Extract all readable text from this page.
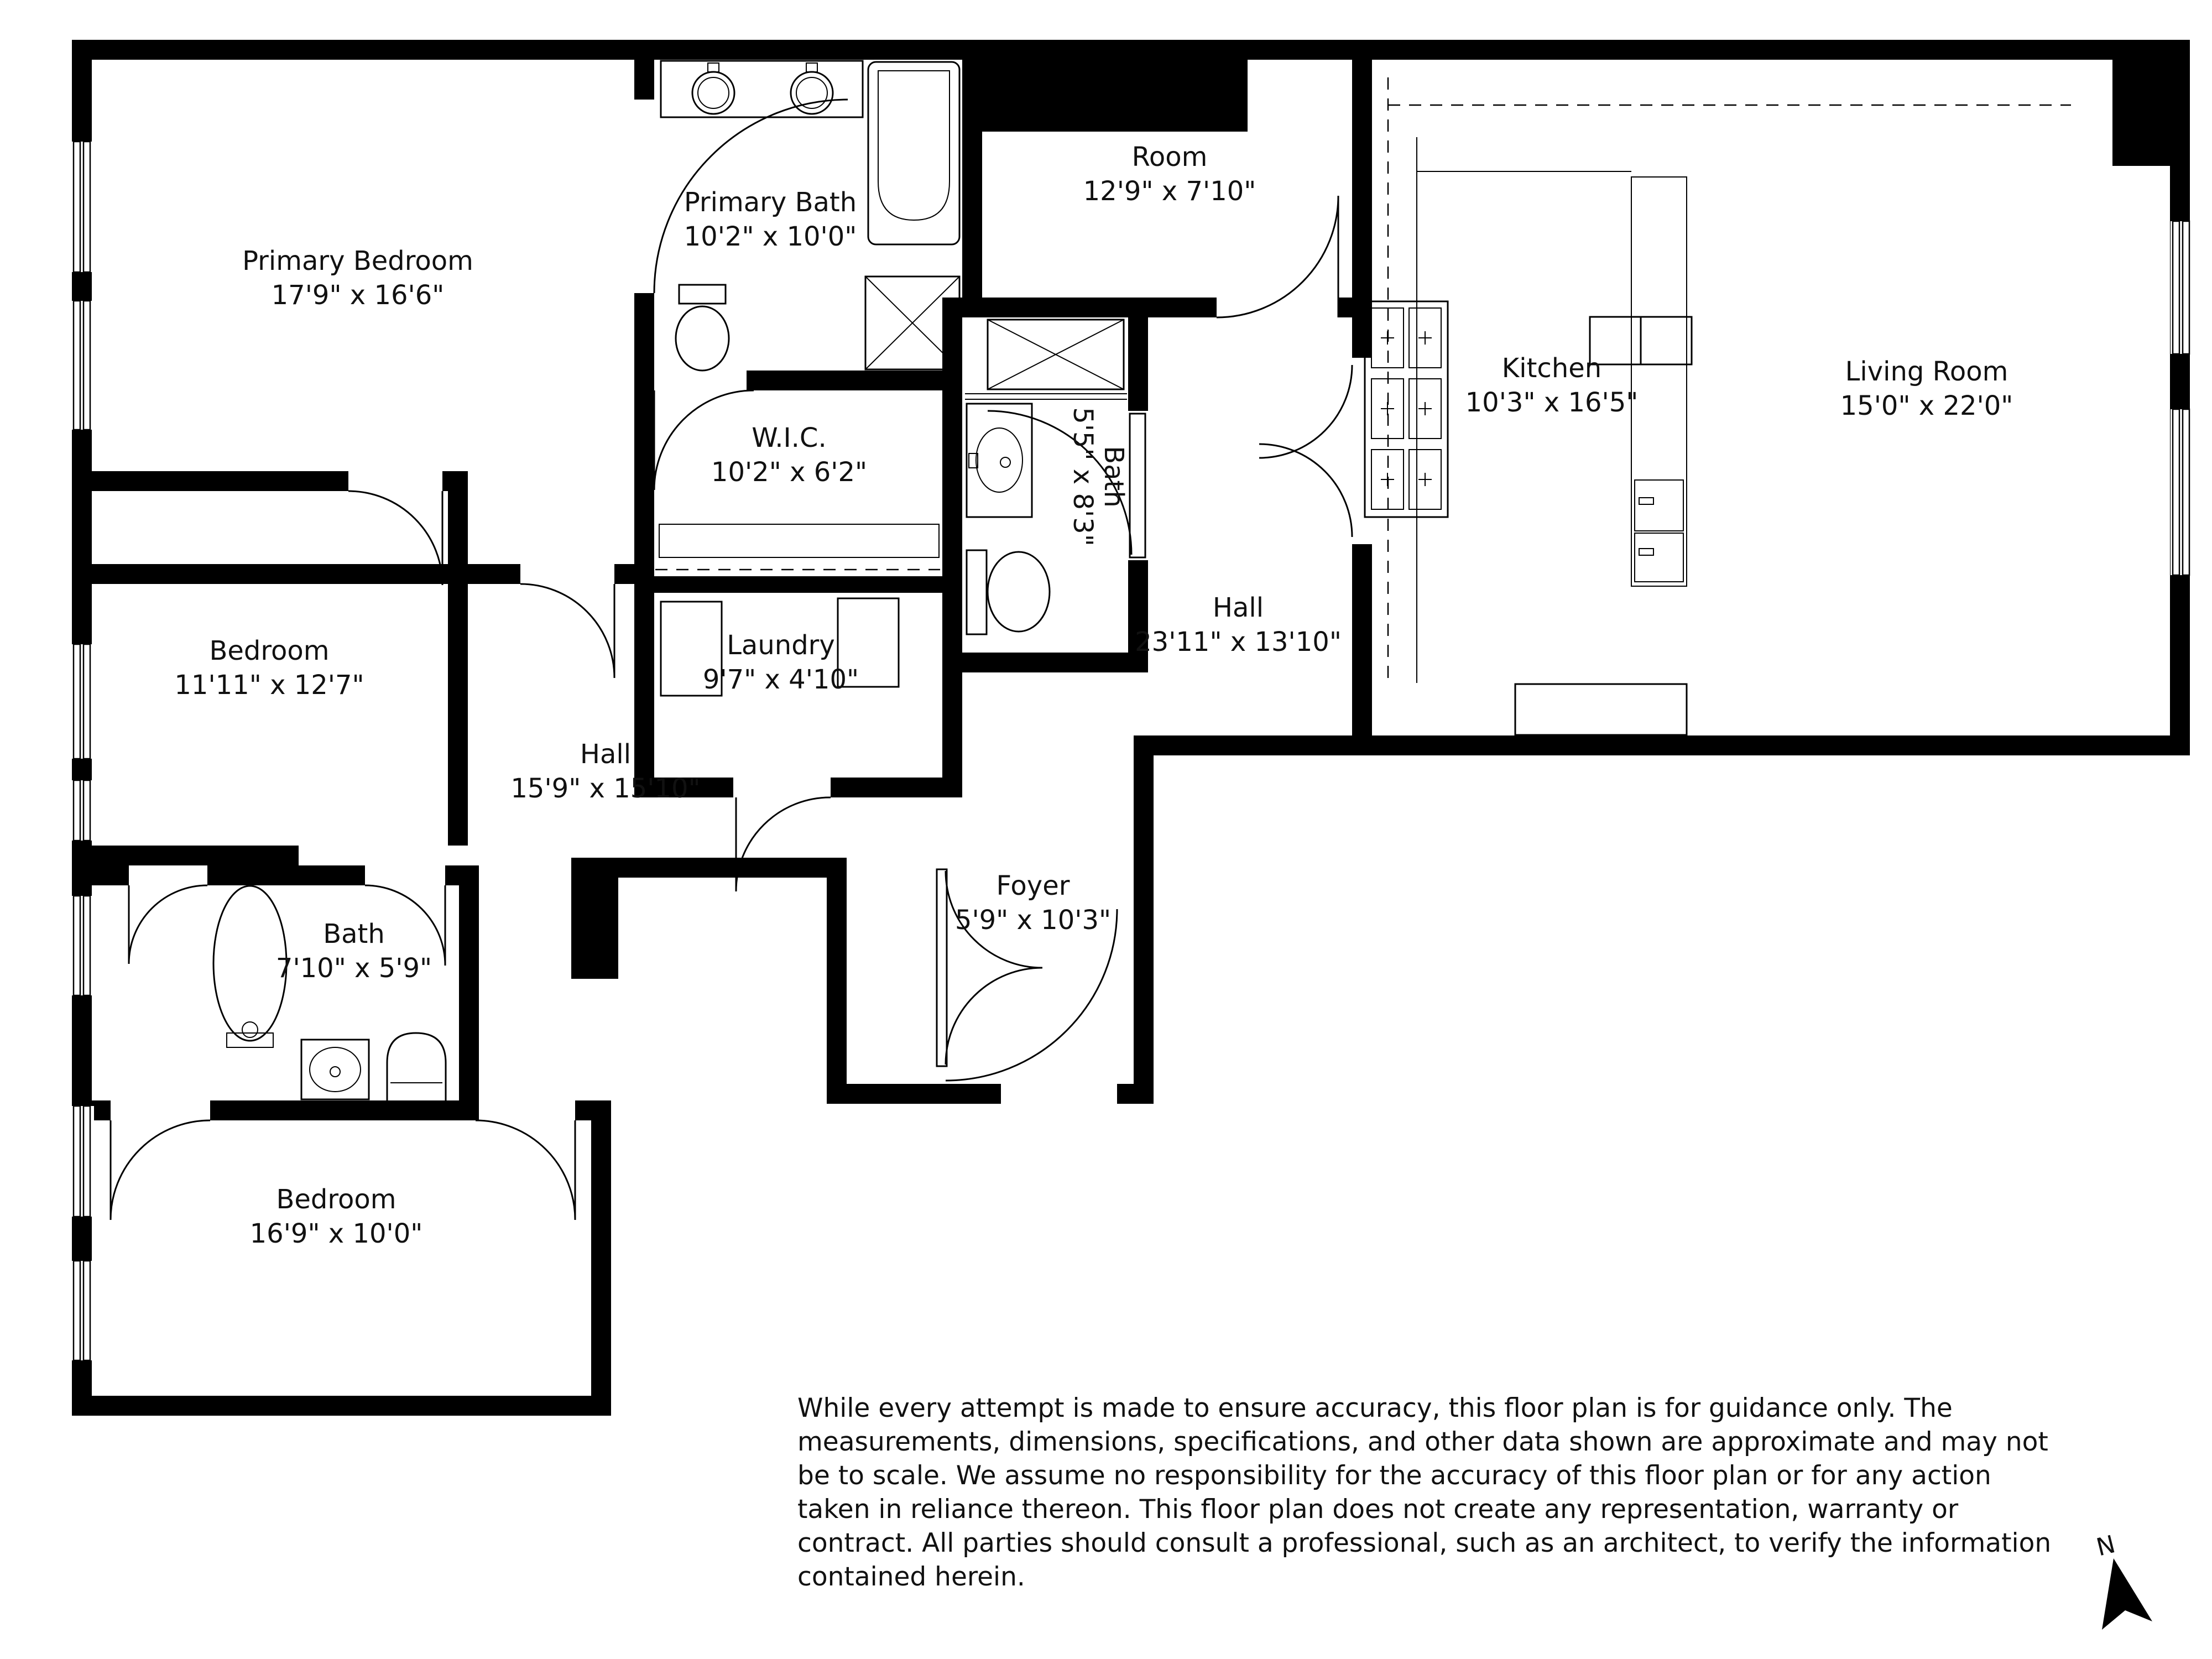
Primary Bedroom
17'9" x 16'6"
Primary Bath
10'2" x 10'0"
Room
12'9" x 7'10"
Kitchen
10'3" x 16'5"
Living Room
15'0" x 22'0"
W.I.C.
10'2" x 6'2"	Bath
5'5" x 8'3"
Hall
23'11" x 13'10"
Bedroom
11'11" x 12'7"
Laundry
9'7" x 4'10"
Hall
15'9" x 15'10"
Foyer
5'9" x 10'3"
Bath
7'10" x 5'9"
Bedroom
16'9" x 10'0"
While every attempt is made to ensure accuracy, this floor plan is for guidance only. The
measurements, dimensions, specifications, and other data shown are approximate and may not
be to scale. We assume no responsibility for the accuracy of this floor plan or for any action
taken in reliance thereon. This floor plan does not create any representation, warranty or
contract. All parties should consult a professional, such as an architect, to verify the information
contained herein.
N
